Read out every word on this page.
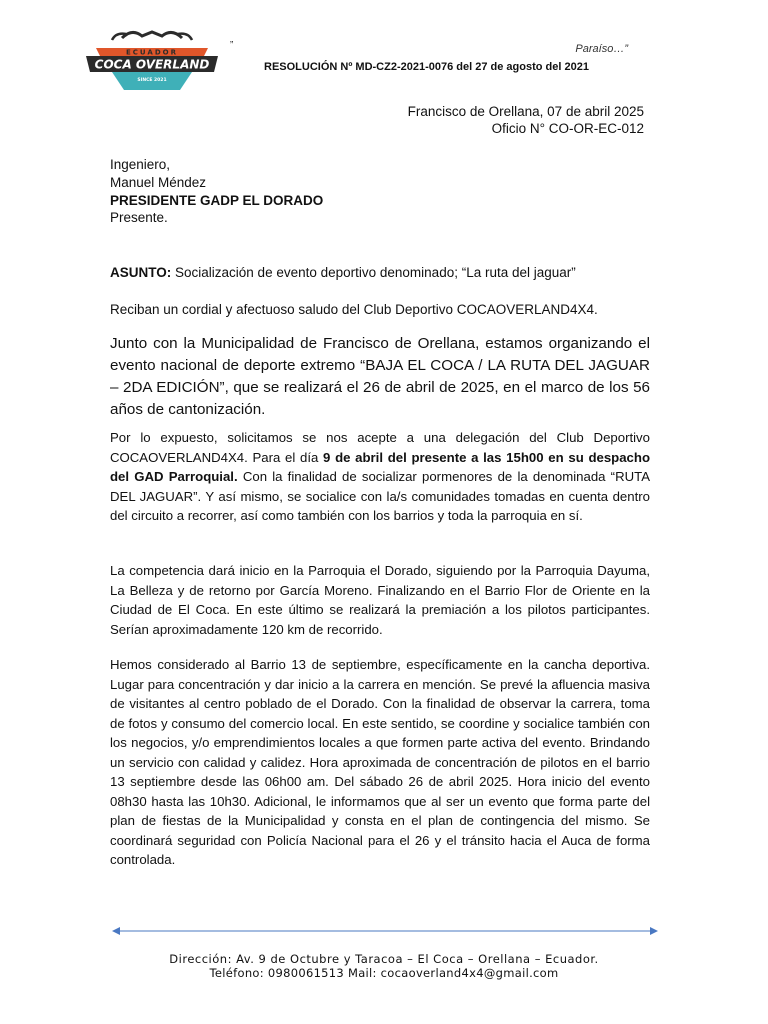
ECUADOR
COCA OVERLAND
SINCE 2021
”	Paraíso…”
RESOLUCIÓN Nº MD-CZ2-2021-0076 del 27 de agosto del 2021
Francisco de Orellana, 07 de abril 2025
Oficio N° CO-OR-EC-012
Ingeniero,
Manuel Méndez
PRESIDENTE GADP EL DORADO
Presente.
ASUNTO: Socialización de evento deportivo denominado; “La ruta del jaguar”
Reciban un cordial y afectuoso saludo del Club Deportivo COCAOVERLAND4X4.
Junto con la Municipalidad de Francisco de Orellana, estamos organizando el evento nacional de deporte extremo “BAJA EL COCA / LA RUTA DEL JAGUAR – 2DA EDICIÓN”, que se realizará el 26 de abril de 2025, en el marco de los 56 años de cantonización.
Por lo expuesto, solicitamos se nos acepte a una delegación del Club Deportivo COCAOVERLAND4X4. Para el día 9 de abril del presente a las 15h00 en su despacho del GAD Parroquial. Con la finalidad de socializar pormenores de la denominada “RUTA DEL JAGUAR”. Y así mismo, se socialice con la/s comunidades tomadas en cuenta dentro del circuito a recorrer, así como también con los barrios y toda la parroquia en sí.
La competencia dará inicio en la Parroquia el Dorado, siguiendo por la Parroquia Dayuma, La Belleza y de retorno por García Moreno. Finalizando en el Barrio Flor de Oriente en la Ciudad de El Coca. En este último se realizará la premiación a los pilotos participantes. Serían aproximadamente 120 km de recorrido.
Hemos considerado al Barrio 13 de septiembre, específicamente en la cancha deportiva. Lugar para concentración y dar inicio a la carrera en mención. Se prevé la afluencia masiva de visitantes al centro poblado de el Dorado. Con la finalidad de observar la carrera, toma de fotos y consumo del comercio local. En este sentido, se coordine y socialice también con los negocios, y/o emprendimientos locales a que formen parte activa del evento. Brindando un servicio con calidad y calidez. Hora aproximada de concentración de pilotos en el barrio 13 septiembre desde las 06h00 am. Del sábado 26 de abril 2025. Hora inicio del evento 08h30 hasta las 10h30. Adicional, le informamos que al ser un evento que forma parte del plan de fiestas de la Municipalidad y consta en el plan de contingencia del mismo. Se coordinará seguridad con Policía Nacional para el 26 y el tránsito hacia el Auca de forma controlada.
Dirección: Av. 9 de Octubre y Taracoa – El Coca – Orellana – Ecuador.
Teléfono: 0980061513 Mail: cocaoverland4x4@gmail.com
